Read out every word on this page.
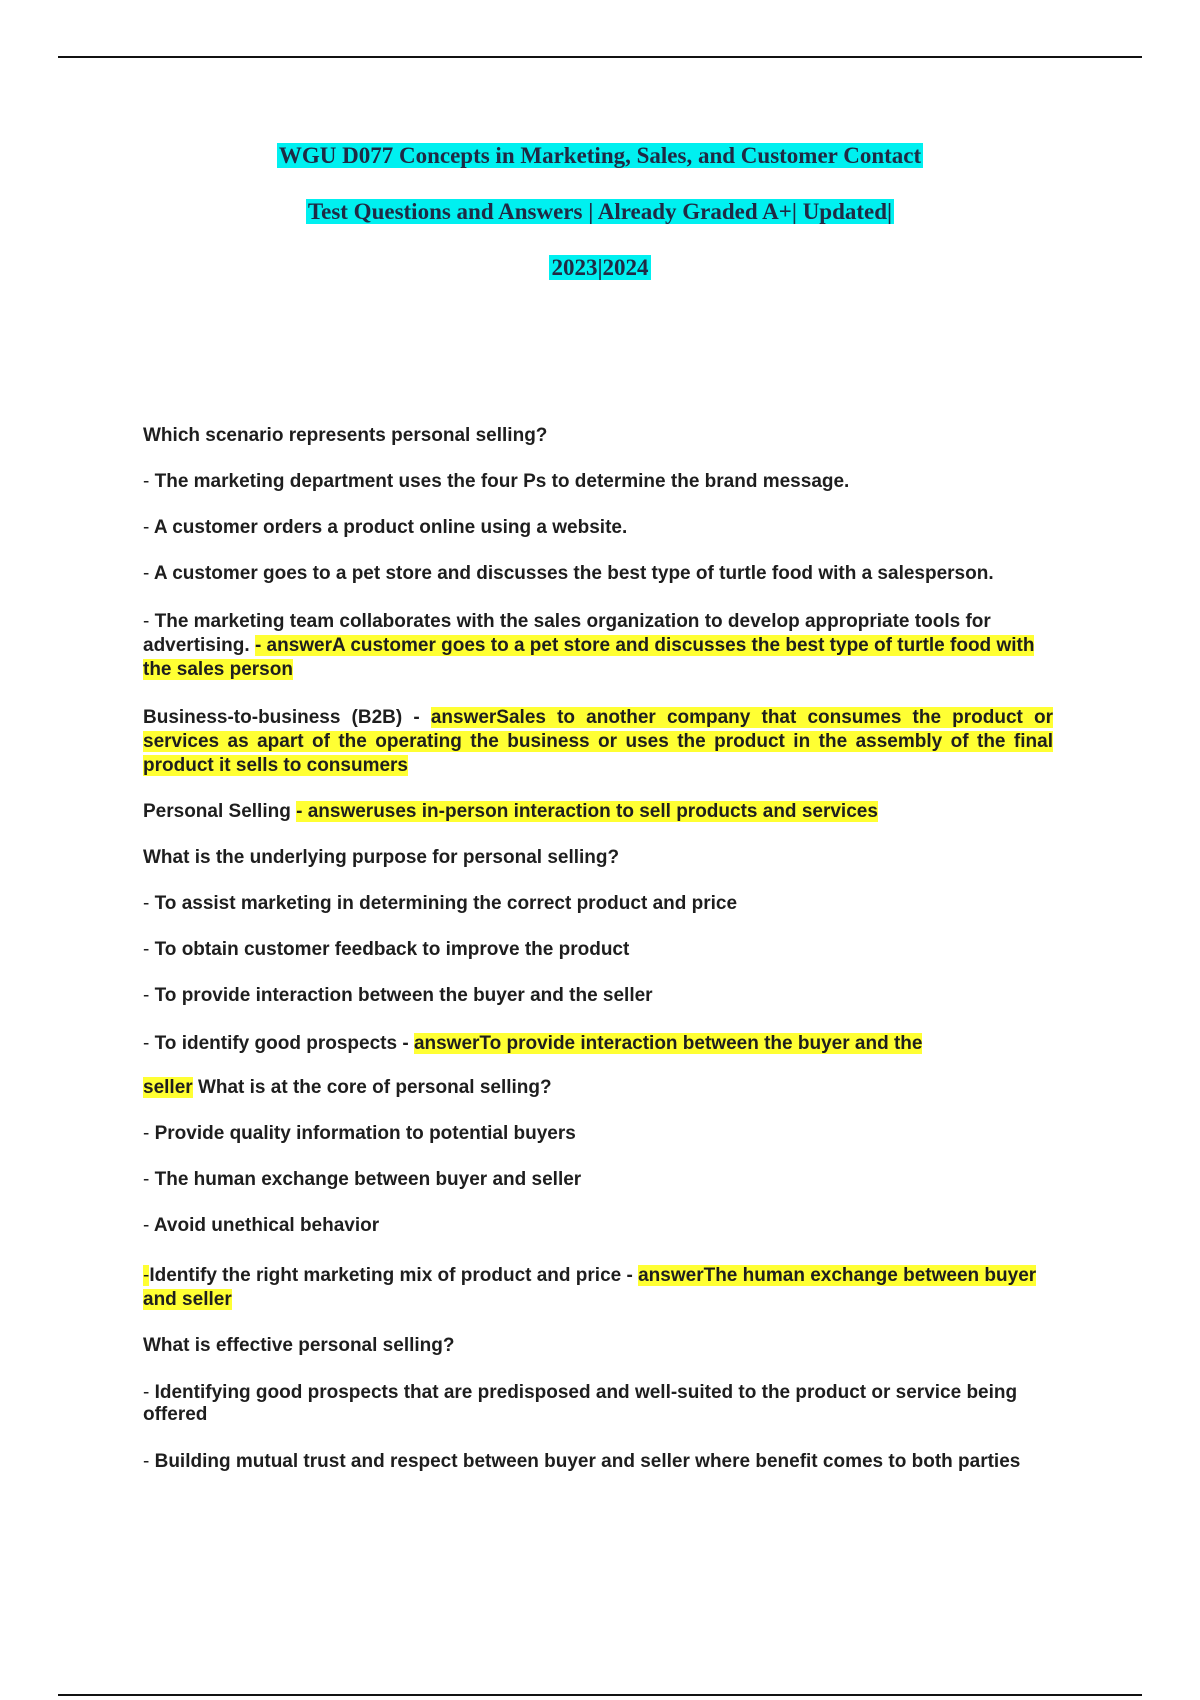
WGU D077 Concepts in Marketing, Sales, and Customer Contact
Test Questions and Answers | Already Graded A+| Updated|
2023|2024

Which scenario represents personal selling?

- The marketing department uses the four Ps to determine the brand message.

- A customer orders a product online using a website.

- A customer goes to a pet store and discusses the best type of turtle food with a salesperson.

- The marketing team collaborates with the sales organization to develop appropriate tools for advertising. - answerA customer goes to a pet store and discusses the best type of turtle food with the sales person

Business-to-business (B2B) - answerSales to another company that consumes the product or services as apart of the operating the business or uses the product in the assembly of the final product it sells to consumers

Personal Selling - answeruses in-person interaction to sell products and services

What is the underlying purpose for personal selling?

- To assist marketing in determining the correct product and price

- To obtain customer feedback to improve the product

- To provide interaction between the buyer and the seller

- To identify good prospects - answerTo provide interaction between the buyer and the

seller What is at the core of personal selling?

- Provide quality information to potential buyers

- The human exchange between buyer and seller

- Avoid unethical behavior

-Identify the right marketing mix of product and price - answerThe human exchange between buyer and seller

What is effective personal selling?

- Identifying good prospects that are predisposed and well-suited to the product or service being offered

- Building mutual trust and respect between buyer and seller where benefit comes to both parties
